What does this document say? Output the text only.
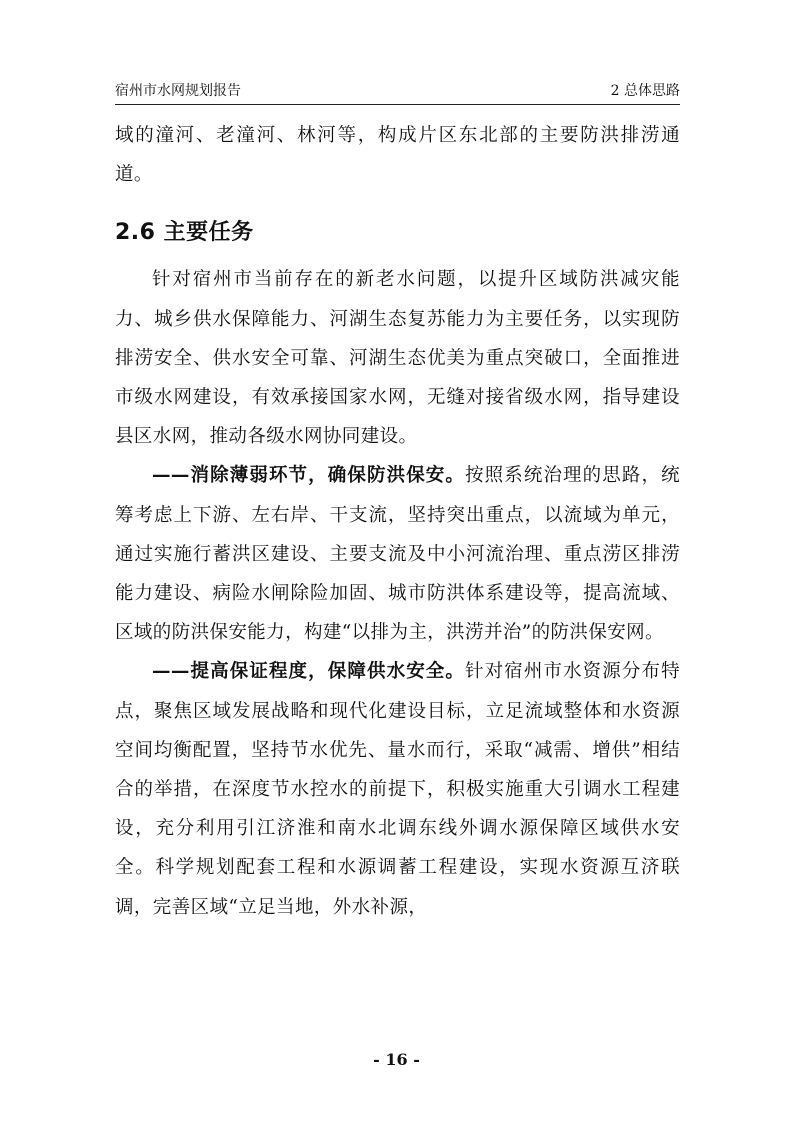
宿州市水网规划报告	2 总体思路

域的潼河、老潼河、林河等，构成片区东北部的主要防洪排涝通道。

2.6 主要任务

针对宿州市当前存在的新老水问题，以提升区域防洪减灾能力、城乡供水保障能力、河湖生态复苏能力为主要任务，以实现防排涝安全、供水安全可靠、河湖生态优美为重点突破口，全面推进市级水网建设，有效承接国家水网，无缝对接省级水网，指导建设县区水网，推动各级水网协同建设。

——消除薄弱环节，确保防洪保安。按照系统治理的思路，统筹考虑上下游、左右岸、干支流，坚持突出重点，以流域为单元，通过实施行蓄洪区建设、主要支流及中小河流治理、重点涝区排涝能力建设、病险水闸除险加固、城市防洪体系建设等，提高流域、区域的防洪保安能力，构建“以排为主，洪涝并治”的防洪保安网。

——提高保证程度，保障供水安全。针对宿州市水资源分布特点，聚焦区域发展战略和现代化建设目标，立足流域整体和水资源空间均衡配置，坚持节水优先、量水而行，采取“减需、增供”相结合的举措，在深度节水控水的前提下，积极实施重大引调水工程建设，充分利用引江济淮和南水北调东线外调水源保障区域供水安全。科学规划配套工程和水源调蓄工程建设，实现水资源互济联调，完善区域“立足当地，外水补源，

- 16 -
